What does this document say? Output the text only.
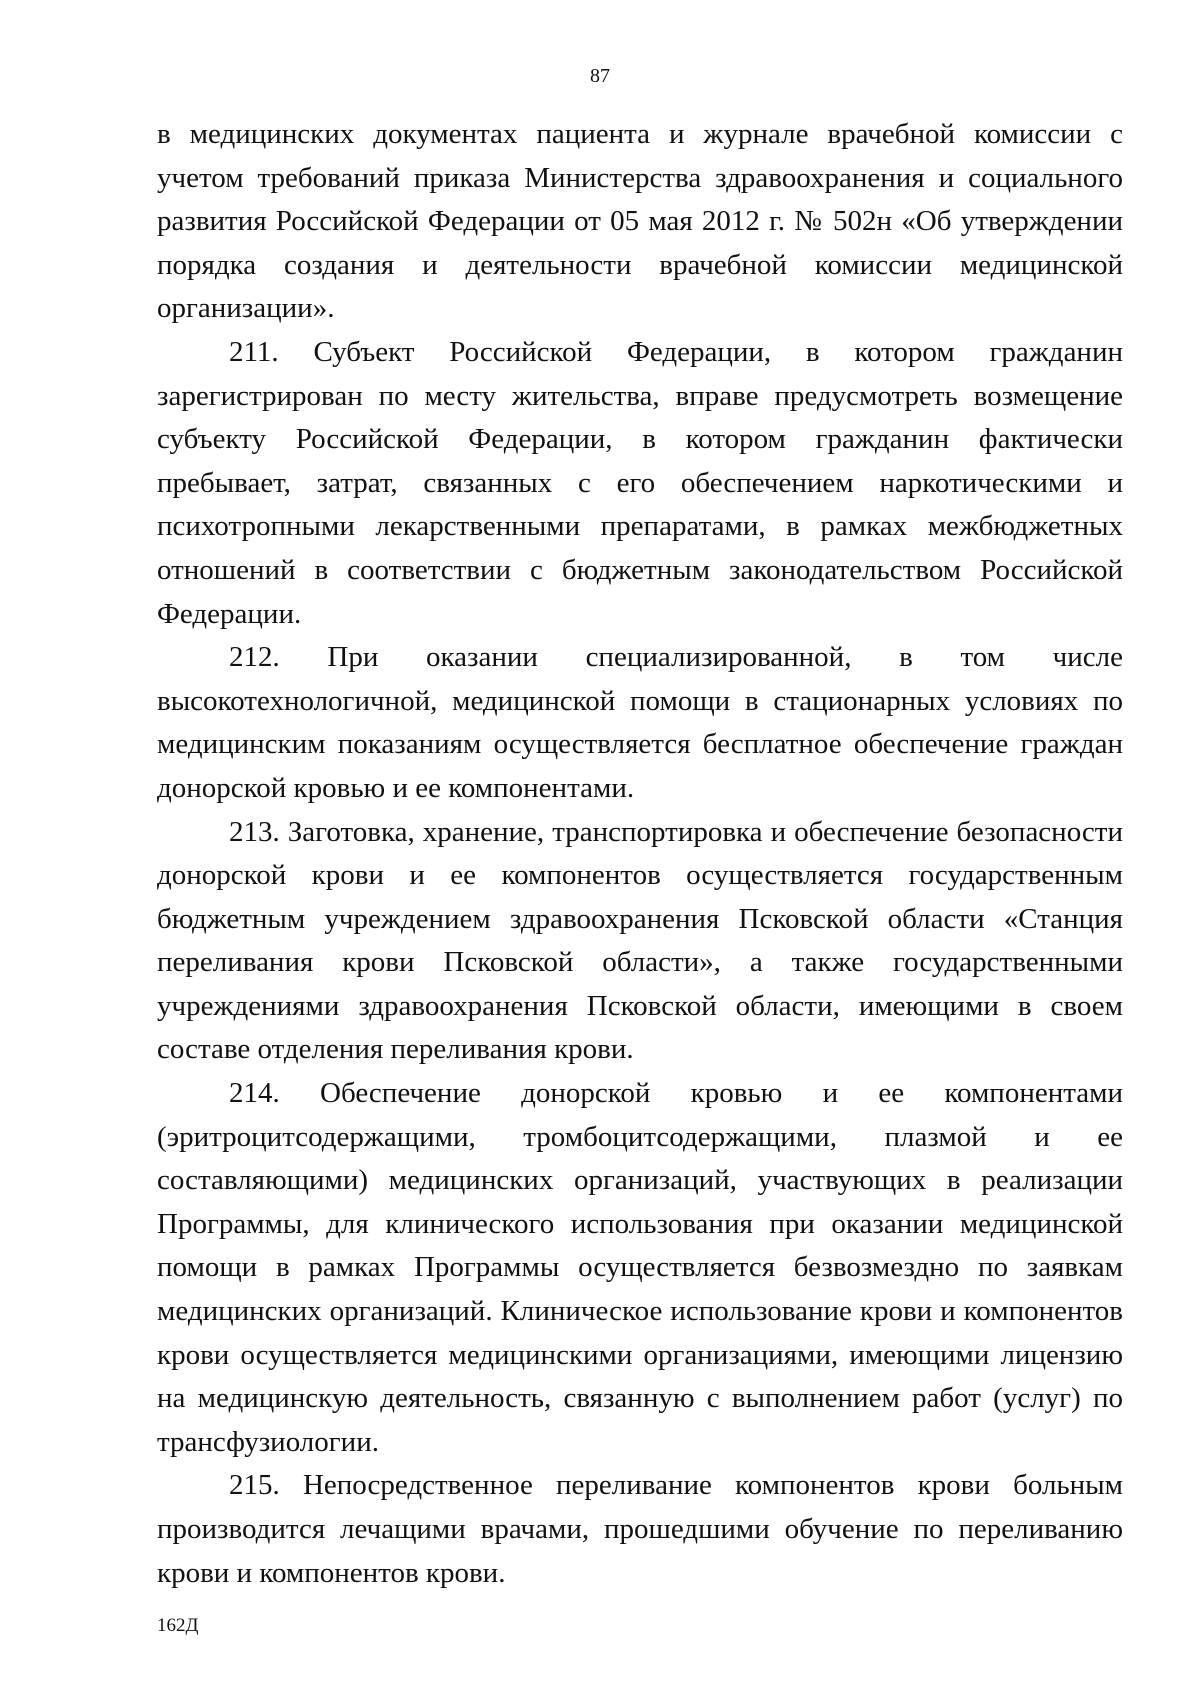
87

в медицинских документах пациента и журнале врачебной комиссии с учетом требований приказа Министерства здравоохранения и социального развития Российской Федерации от 05 мая 2012 г. № 502н «Об утверждении порядка создания и деятельности врачебной комиссии медицинской организации».

211. Субъект Российской Федерации, в котором гражданин зарегистрирован по месту жительства, вправе предусмотреть возмещение субъекту Российской Федерации, в котором гражданин фактически пребывает, затрат, связанных с его обеспечением наркотическими и психотропными лекарственными препаратами, в рамках межбюджетных отношений в соответствии с бюджетным законодательством Российской Федерации.

212. При оказании специализированной, в том числе высокотехнологичной, медицинской помощи в стационарных условиях по медицинским показаниям осуществляется бесплатное обеспечение граждан донорской кровью и ее компонентами.

213. Заготовка, хранение, транспортировка и обеспечение безопасности донорской крови и ее компонентов осуществляется государственным бюджетным учреждением здравоохранения Псковской области «Станция переливания крови Псковской области», а также государственными учреждениями здравоохранения Псковской области, имеющими в своем составе отделения переливания крови.

214. Обеспечение донорской кровью и ее компонентами (эритроцитсодержащими, тромбоцитсодержащими, плазмой и ее составляющими) медицинских организаций, участвующих в реализации Программы, для клинического использования при оказании медицинской помощи в рамках Программы осуществляется безвозмездно по заявкам медицинских организаций. Клиническое использование крови и компонентов крови осуществляется медицинскими организациями, имеющими лицензию на медицинскую деятельность, связанную с выполнением работ (услуг) по трансфузиологии.

215. Непосредственное переливание компонентов крови больным производится лечащими врачами, прошедшими обучение по переливанию крови и компонентов крови.

162Д
